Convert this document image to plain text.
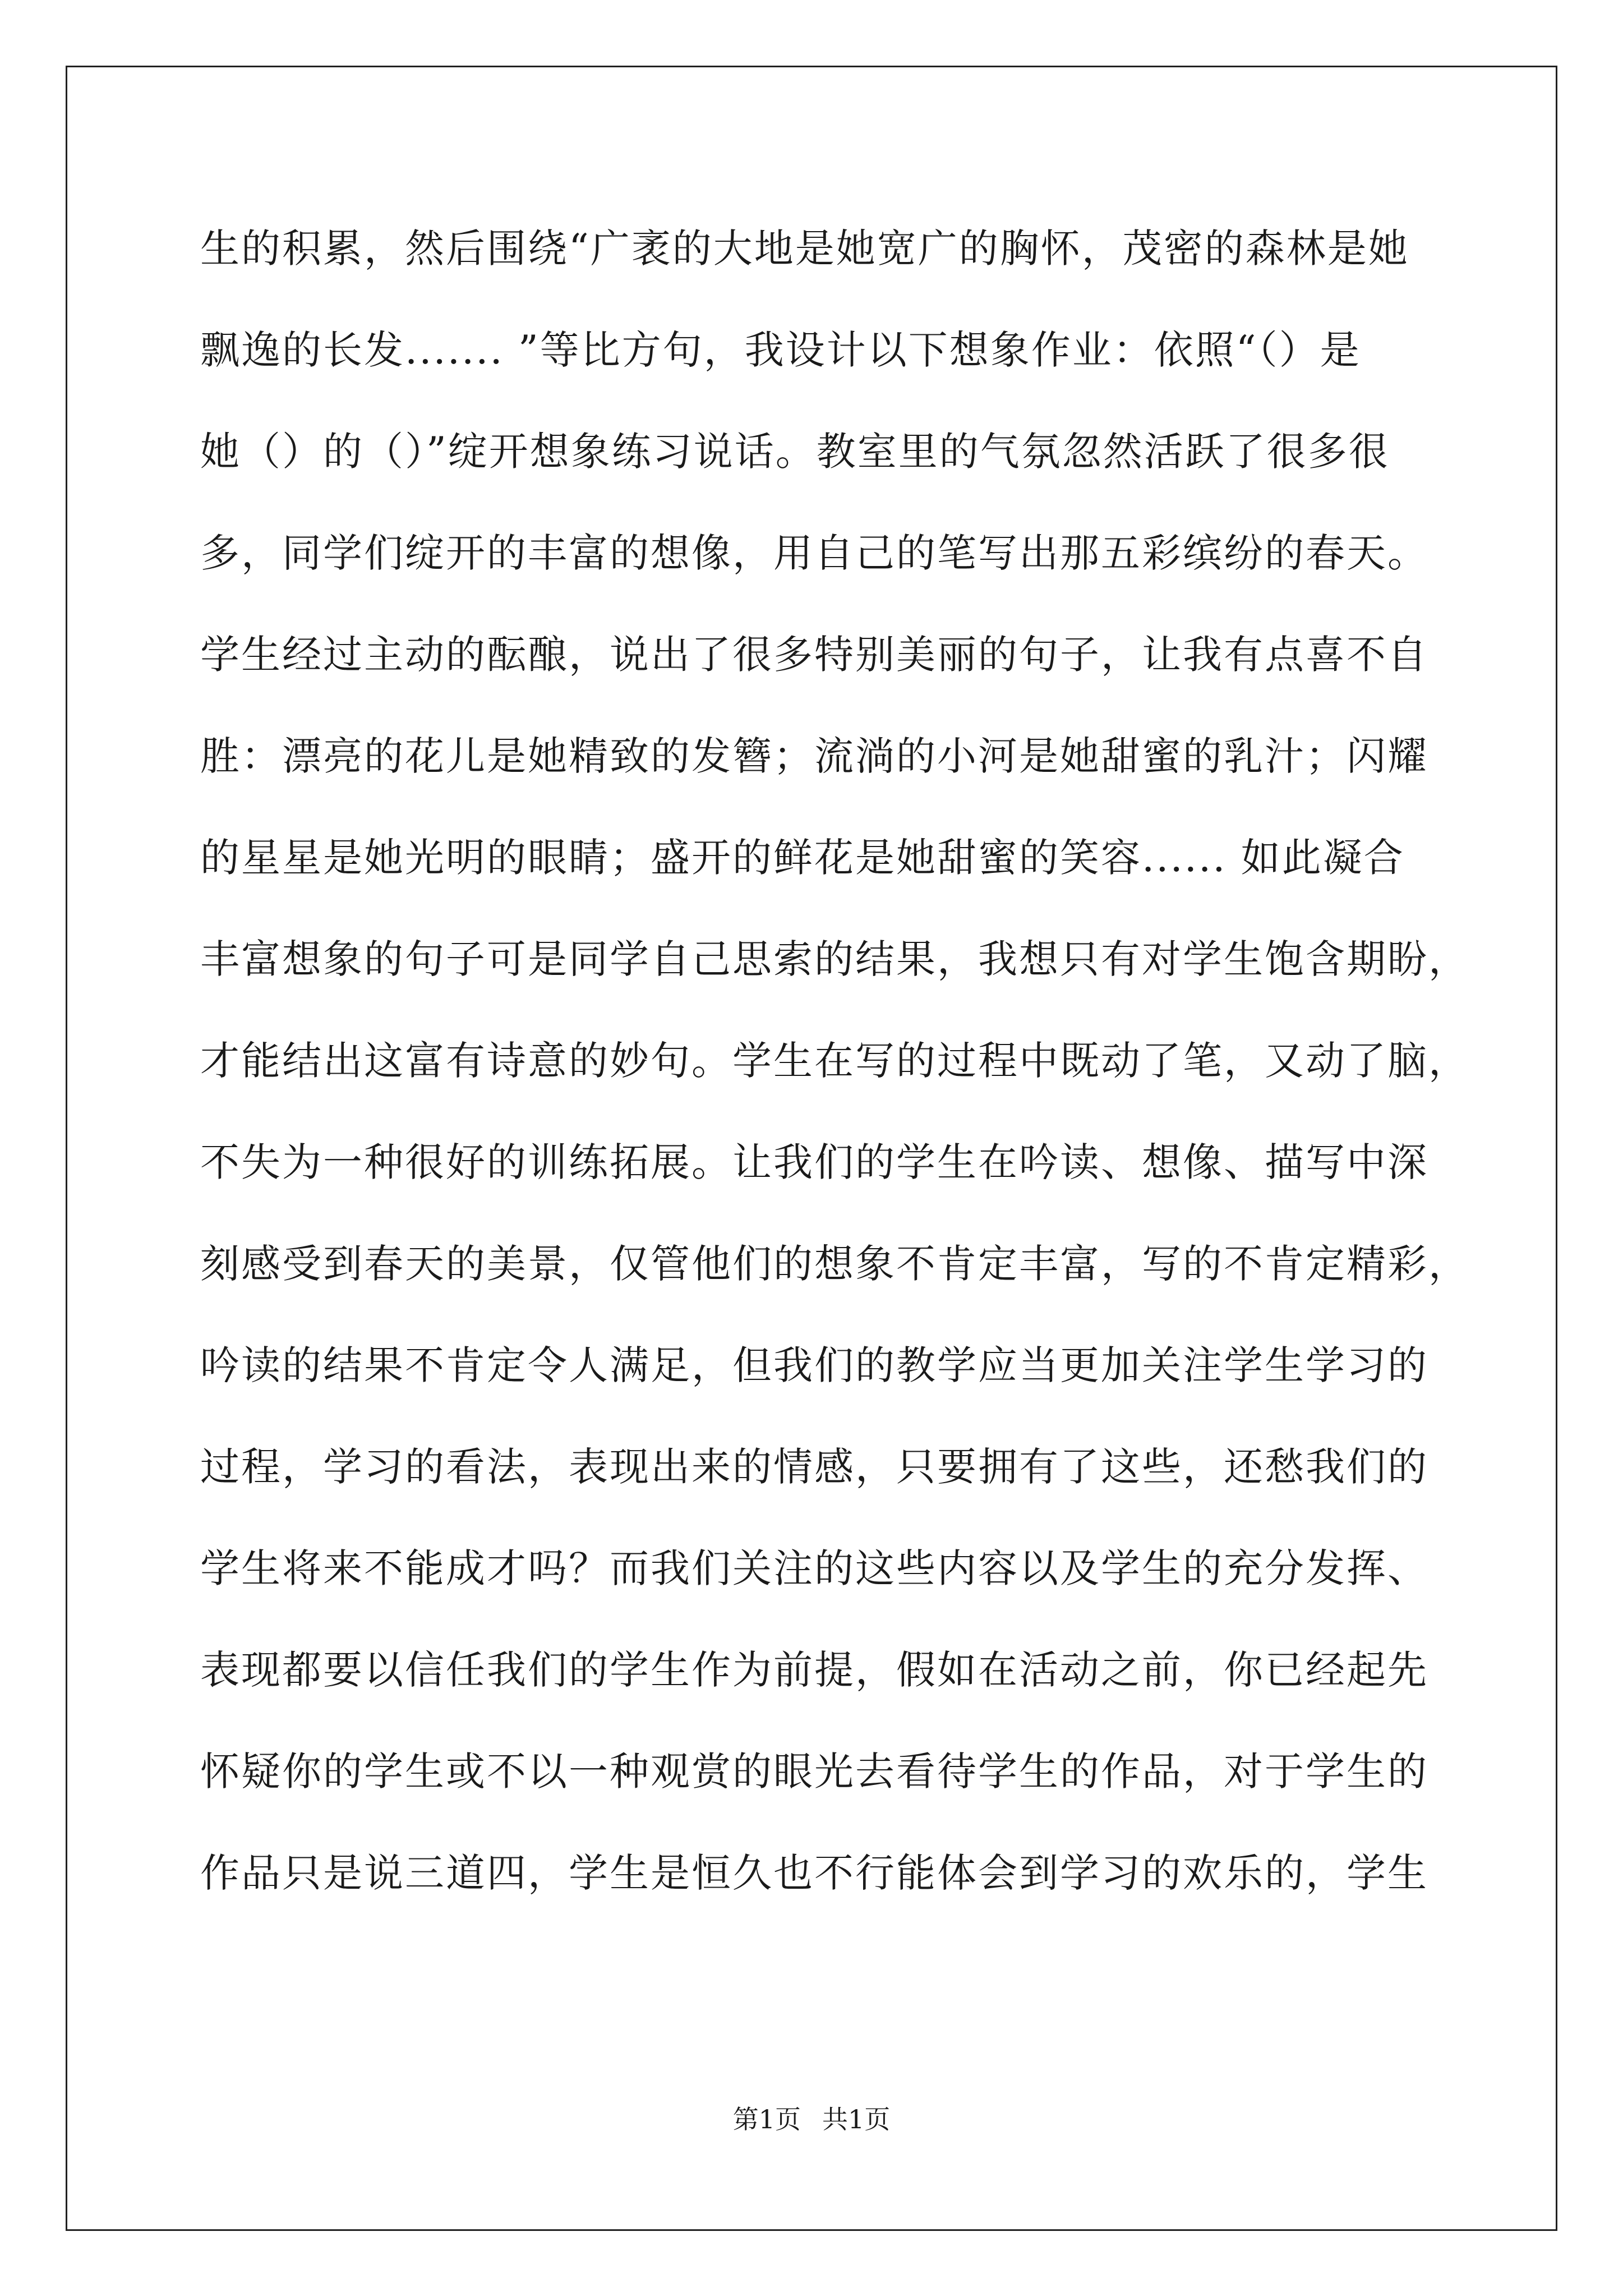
生的积累，然后围绕“广袤的大地是她宽广的胸怀，茂密的森林是她
飘逸的长发....... ”等比方句，我设计以下想象作业：依照“（）是
她（）的（）”绽开想象练习说话。教室里的气氛忽然活跃了很多很
多，同学们绽开的丰富的想像，用自己的笔写出那五彩缤纷的春天。
学生经过主动的酝酿，说出了很多特别美丽的句子，让我有点喜不自
胜：漂亮的花儿是她精致的发簪；流淌的小河是她甜蜜的乳汁；闪耀
的星星是她光明的眼睛；盛开的鲜花是她甜蜜的笑容...... 如此凝合
丰富想象的句子可是同学自己思索的结果，我想只有对学生饱含期盼，
才能结出这富有诗意的妙句。学生在写的过程中既动了笔，又动了脑，
不失为一种很好的训练拓展。让我们的学生在吟读、想像、描写中深
刻感受到春天的美景，仅管他们的想象不肯定丰富，写的不肯定精彩，
吟读的结果不肯定令人满足，但我们的教学应当更加关注学生学习的
过程，学习的看法，表现出来的情感，只要拥有了这些，还愁我们的
学生将来不能成才吗？而我们关注的这些内容以及学生的充分发挥、
表现都要以信任我们的学生作为前提，假如在活动之前，你已经起先
怀疑你的学生或不以一种观赏的眼光去看待学生的作品，对于学生的
作品只是说三道四，学生是恒久也不行能体会到学习的欢乐的，学生
第1页 共1页
